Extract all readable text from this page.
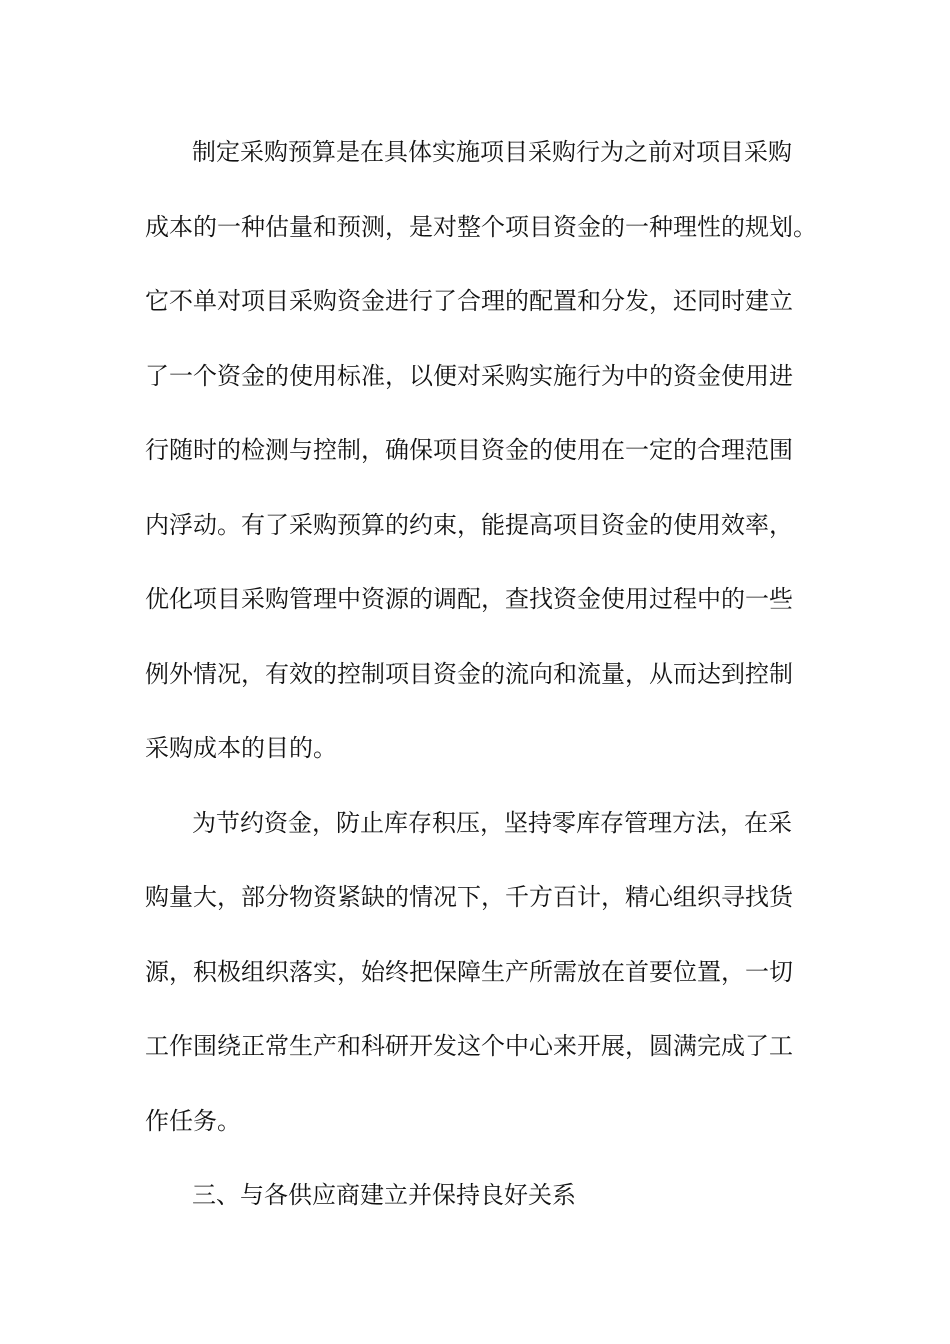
制定采购预算是在具体实施项目采购行为之前对项目采购
成本的一种估量和预测，是对整个项目资金的一种理性的规划。
它不单对项目采购资金进行了合理的配置和分发，还同时建立
了一个资金的使用标准，以便对采购实施行为中的资金使用进
行随时的检测与控制，确保项目资金的使用在一定的合理范围
内浮动。有了采购预算的约束，能提高项目资金的使用效率，
优化项目采购管理中资源的调配，查找资金使用过程中的一些
例外情况，有效的控制项目资金的流向和流量，从而达到控制
采购成本的目的。
为节约资金，防止库存积压，坚持零库存管理方法，在采
购量大，部分物资紧缺的情况下，千方百计，精心组织寻找货
源，积极组织落实，始终把保障生产所需放在首要位置，一切
工作围绕正常生产和科研开发这个中心来开展，圆满完成了工
作任务。
三、与各供应商建立并保持良好关系
